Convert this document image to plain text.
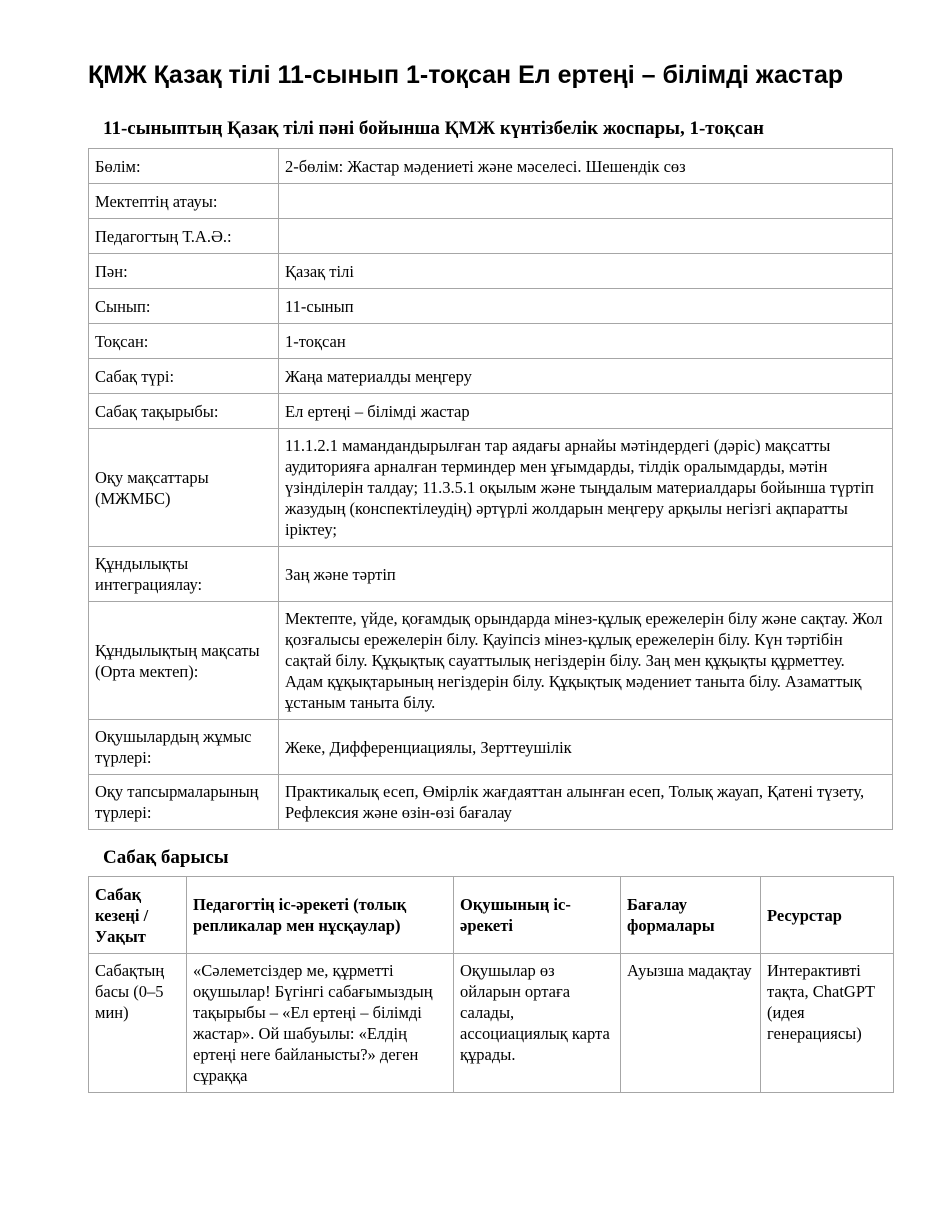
ҚМЖ Қазақ тілі 11-сынып 1-тоқсан Ел ертеңі – білімді жастар
11-сыныптың Қазақ тілі пәні бойынша ҚМЖ күнтізбелік жоспары, 1-тоқсан
Бөлім:	2-бөлім: Жастар мәдениеті және мәселесі. Шешендік сөз
Мектептің атауы:	
Педагогтың Т.А.Ә.:	
Пән:	Қазақ тілі
Сынып:	11-сынып
Тоқсан:	1-тоқсан
Сабақ түрі:	Жаңа материалды меңгеру
Сабақ тақырыбы:	Ел ертеңі – білімді жастар
Оқу мақсаттары (МЖМБС)	11.1.2.1 мамандандырылған тар аядағы арнайы мәтіндердегі (дәріс) мақсатты аудиторияға арналған терминдер мен ұғымдарды, тілдік оралымдарды, мәтін үзінділерін талдау; 11.3.5.1 оқылым және тыңдалым материалдары бойынша түртіп жазудың (конспектілеудің) әртүрлі жолдарын меңгеру арқылы негізгі ақпаратты іріктеу;
Құндылықты интеграциялау:	Заң және тәртіп
Құндылықтың мақсаты (Орта мектеп):	Мектепте, үйде, қоғамдық орындарда мінез-құлық ережелерін білу және сақтау. Жол қозғалысы ережелерін білу. Қауіпсіз мінез-құлық ережелерін білу. Күн тәртібін сақтай білу. Құқықтық сауаттылық негіздерін білу. Заң мен құқықты құрметтеу. Адам құқықтарының негіздерін білу. Құқықтық мәдениет таныта білу. Азаматтық ұстаным таныта білу.
Оқушылардың жұмыс түрлері:	Жеке, Дифференциациялы, Зерттеушілік
Оқу тапсырмаларының түрлері:	Практикалық есеп, Өмірлік жағдаяттан алынған есеп, Толық жауап, Қатені түзету, Рефлексия және өзін-өзі бағалау
Сабақ барысы
Сабақ кезеңі / Уақыт	Педагогтің іс-әрекеті (толық репликалар мен нұсқаулар)	Оқушының іс-әрекеті	Бағалау формалары	Ресурстар
Сабақтың басы (0–5 мин)	«Сәлеметсіздер ме, құрметті оқушылар! Бүгінгі сабағымыздың тақырыбы – «Ел ертеңі – білімді жастар». Ой шабуылы: «Елдің ертеңі неге байланысты?» деген сұраққа	Оқушылар өз ойларын ортаға салады, ассоциациялық карта құрады.	Ауызша мадақтау	Интерактивті тақта, ChatGPT (идея генерациясы)
